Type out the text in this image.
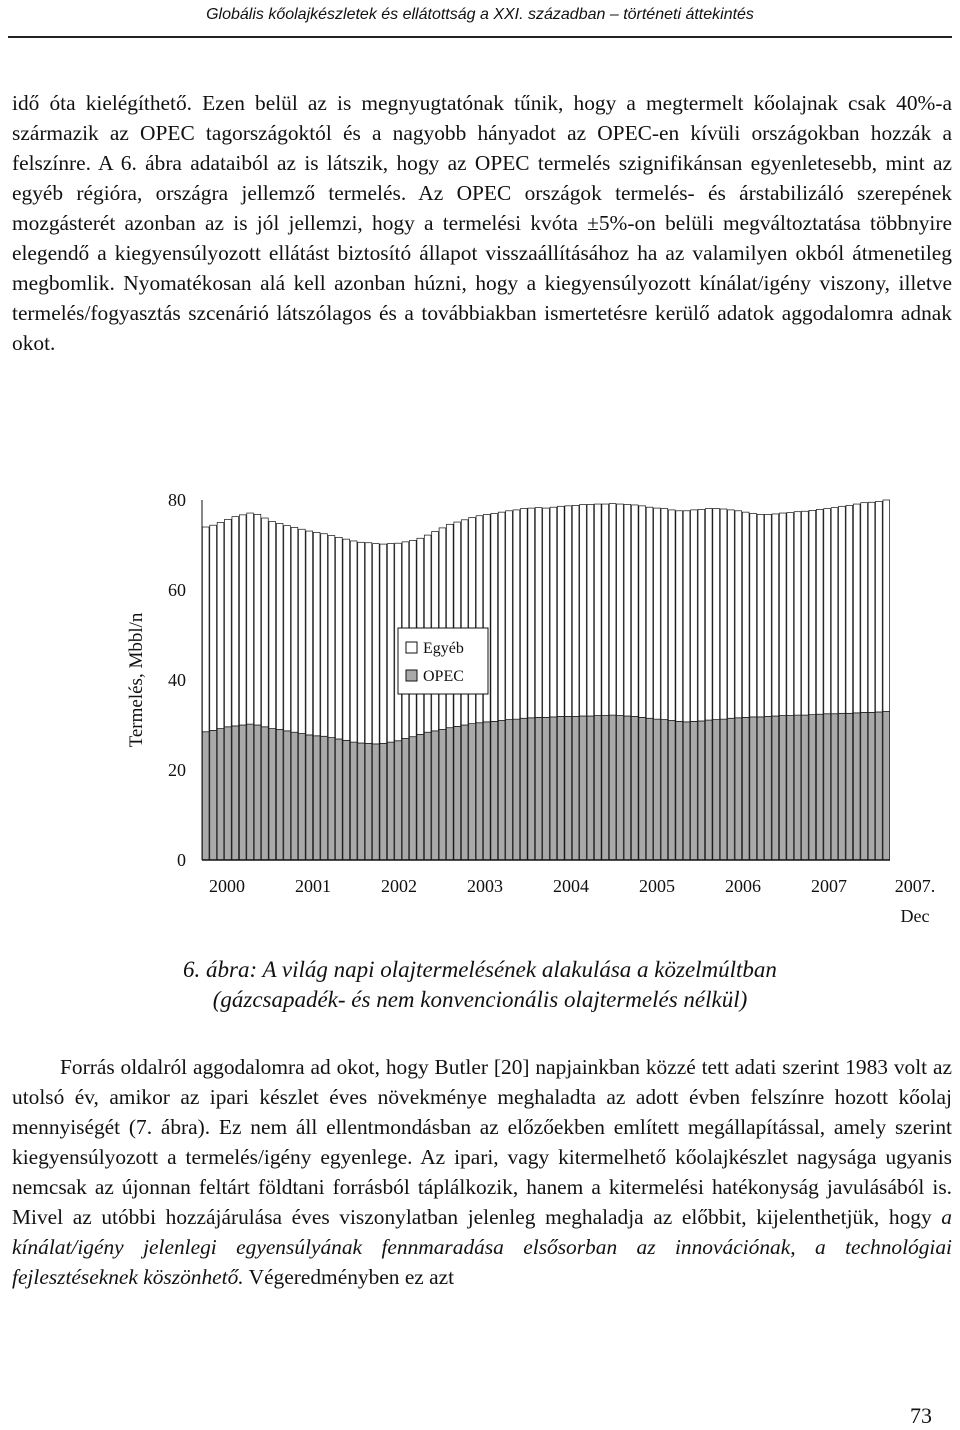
Globális kőolajkészletek és ellátottság a XXI. században – történeti áttekintés

idő óta kielégíthető. Ezen belül az is megnyugtatónak tűnik, hogy a megtermelt kőolajnak csak 40%-a származik az OPEC tagországoktól és a nagyobb hányadot az OPEC-en kívüli országokban hozzák a felszínre. A 6. ábra adataiból az is látszik, hogy az OPEC termelés szignifikánsan egyenletesebb, mint az egyéb régióra, országra jellemző termelés. Az OPEC országok termelés- és árstabilizáló szerepének mozgásterét azonban az is jól jellemzi, hogy a termelési kvóta ±5%-on belüli megváltoztatása többnyire elegendő a kiegyensúlyozott ellátást biztosító állapot visszaállításához ha az valamilyen okból átmenetileg megbomlik. Nyomatékosan alá kell azonban húzni, hogy a kiegyensúlyozott kínálat/igény viszony, illetve termelés/fogyasztás szcenárió látszólagos és a továbbiakban ismertetésre kerülő adatok aggodalomra adnak okot.

Termelés, Mbbl/n
0
20
40
60
80
2000	2001	2002	2003	2004	2005	2006	2007	2007.
Dec
Egyéb
OPEC
6. ábra: A világ napi olajtermelésének alakulása a közelmúltban
(gázcsapadék- és nem konvencionális olajtermelés nélkül)

Forrás oldalról aggodalomra ad okot, hogy Butler [20] napjainkban közzé tett adati szerint 1983 volt az utolsó év, amikor az ipari készlet éves növekménye meghaladta az adott évben felszínre hozott kőolaj mennyiségét (7. ábra). Ez nem áll ellentmondásban az előzőekben említett megállapítással, amely szerint kiegyensúlyozott a termelés/igény egyenlege. Az ipari, vagy kitermelhető kőolajkészlet nagysága ugyanis nemcsak az újonnan feltárt földtani forrásból táplálkozik, hanem a kitermelési hatékonyság javulásából is. Mivel az utóbbi hozzájárulása éves viszonylatban jelenleg meghaladja az előbbit, kijelenthetjük, hogy a kínálat/igény jelenlegi egyensúlyának fennmaradása elsősorban az innovációnak, a technológiai fejlesztéseknek köszönhető. Végeredményben ez azt

73
